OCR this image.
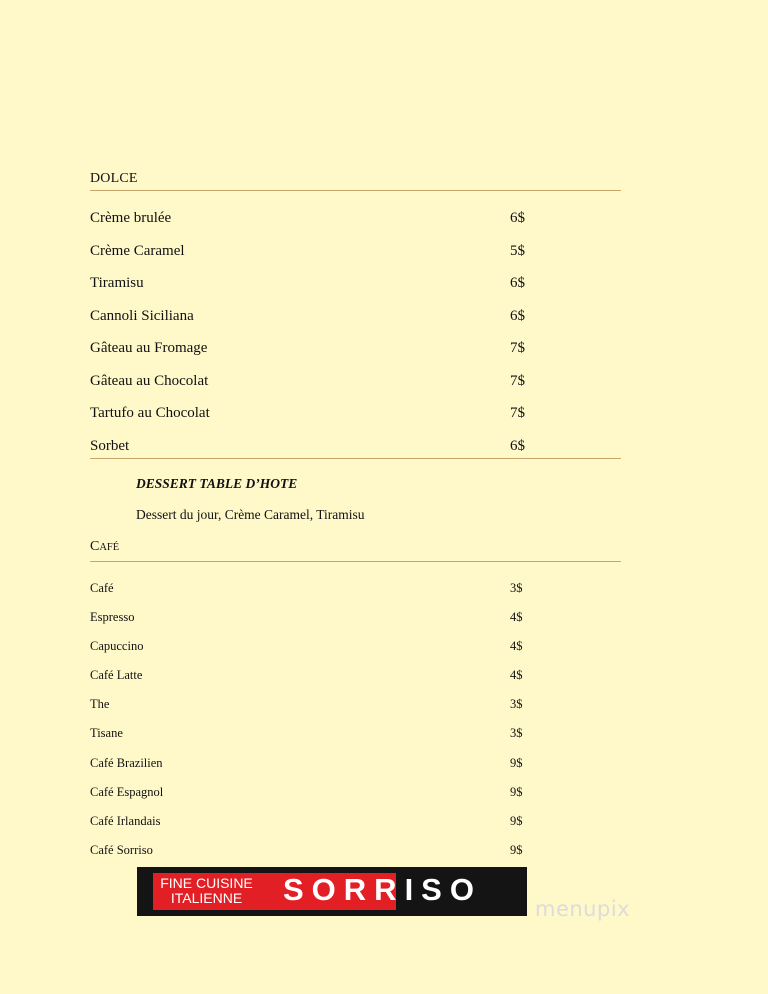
DOLCE
Crème brulée	6$
Crème Caramel	5$
Tiramisu	6$
Cannoli Siciliana	6$
Gâteau au Fromage	7$
Gâteau au Chocolat	7$
Tartufo au Chocolat	7$
Sorbet	6$
DESSERT TABLE D’HOTE
Dessert du jour, Crème Caramel, Tiramisu
CAFÉ
Café	3$
Espresso	4$
Capuccino	4$
Café Latte	4$
The	3$
Tisane	3$
Café Brazilien	9$
Café Espagnol	9$
Café Irlandais	9$
Café Sorriso	9$
FINE CUISINE
ITALIENNE	SORRISO
menupix
